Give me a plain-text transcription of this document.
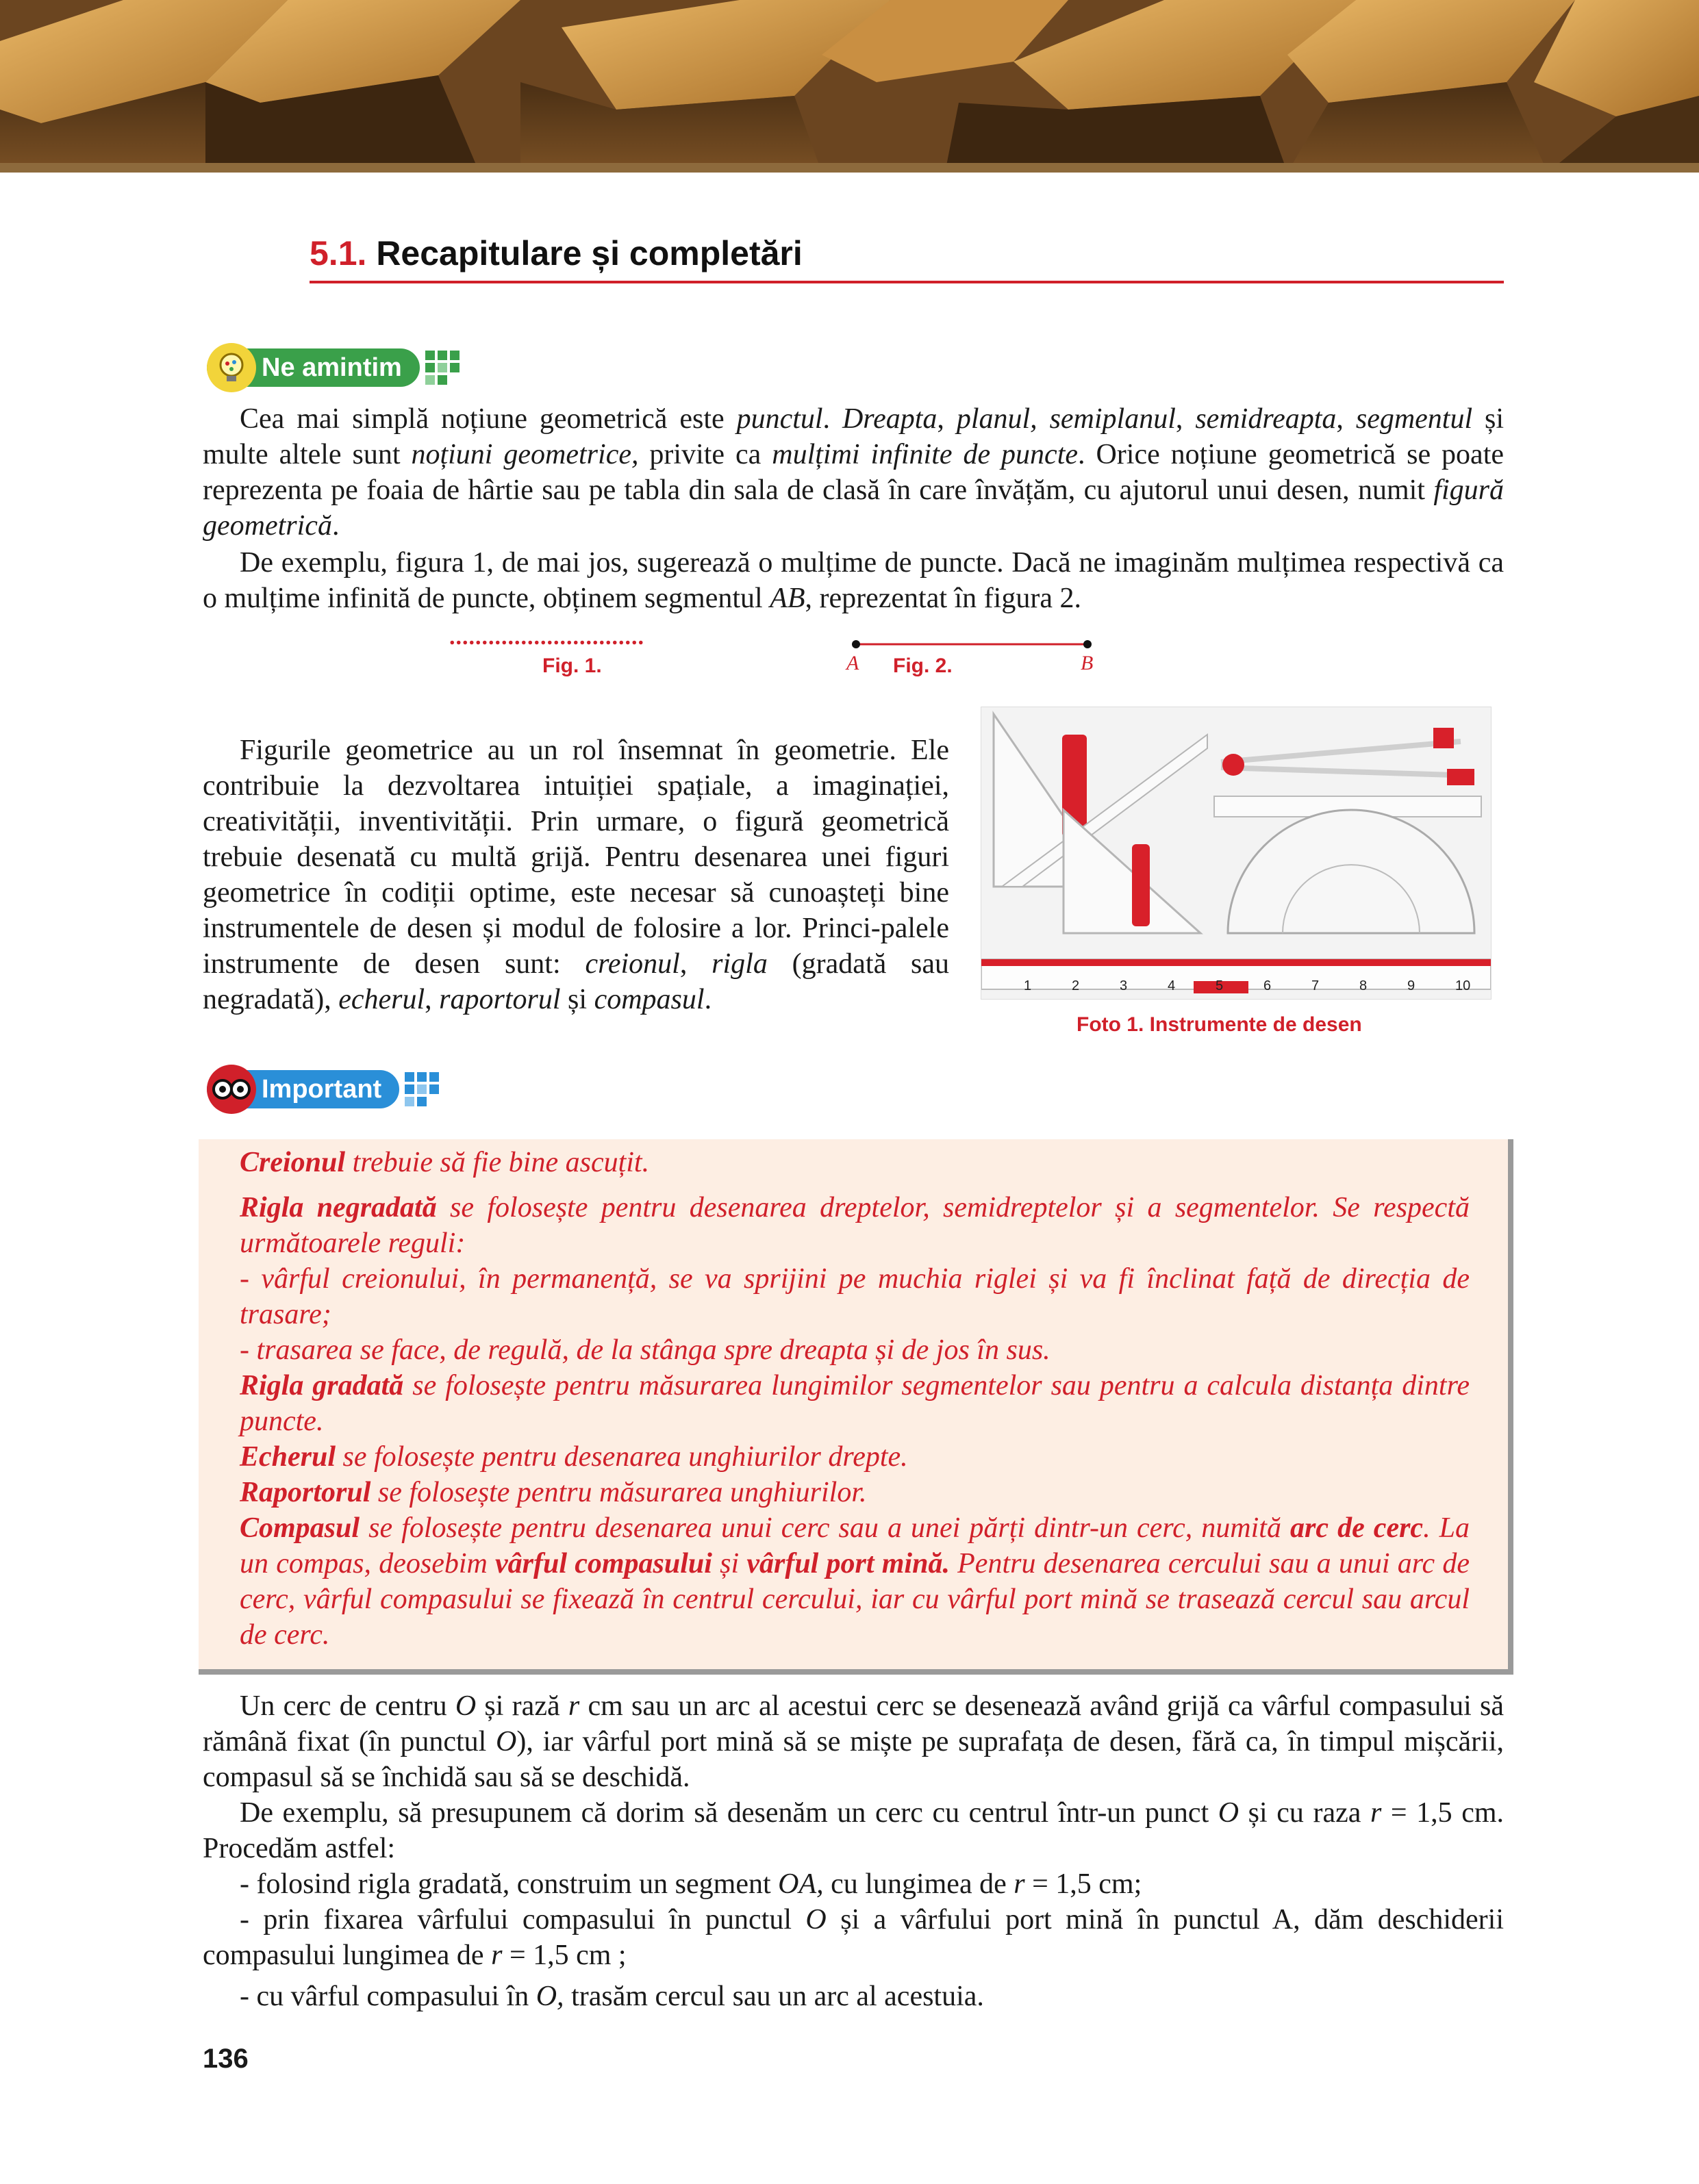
5.1. Recapitulare și completări
Ne amintim
Cea mai simplă noțiune geometrică este punctul. Dreapta, planul, semiplanul, semidreapta, segmentul și multe altele sunt noțiuni geometrice, privite ca mulțimi infinite de puncte. Orice noțiune geometrică se poate reprezenta pe foaia de hârtie sau pe tabla din sala de clasă în care învățăm, cu ajutorul unui desen, numit figură geometrică.
De exemplu, figura 1, de mai jos, sugerează o mulțime de puncte. Dacă ne imaginăm mulțimea respectivă ca o mulțime infinită de puncte, obținem segmentul AB, reprezentat în figura 2.
..............................
Fig. 1.	A	B
Fig. 2.
Figurile geometrice au un rol însemnat în geometrie. Ele contribuie la dezvoltarea intuiției spațiale, a imaginației, creativității, inventivității. Prin urmare, o figură geometrică trebuie desenată cu multă grijă. Pentru desenarea unei figuri geometrice în codiții optime, este necesar să cunoașteți bine instrumentele de desen și modul de folosire a lor. Princi-palele instrumente de desen sunt: creionul, rigla (gradată sau negradată), echerul, raportorul și compasul.	1	2	3	4	5	6	7	8	9	10
Foto 1. Instrumente de desen
Important
Creionul trebuie să fie bine ascuțit.
Rigla negradată se folosește pentru desenarea dreptelor, semidreptelor și a segmentelor. Se respectă următoarele reguli:
- vârful creionului, în permanență, se va sprijini pe muchia riglei și va fi înclinat față de direcția de trasare;
- trasarea se face, de regulă, de la stânga spre dreapta și de jos în sus.
Rigla gradată se folosește pentru măsurarea lungimilor segmentelor sau pentru a calcula distanța dintre puncte.
Echerul se folosește pentru desenarea unghiurilor drepte.
Raportorul se folosește pentru măsurarea unghiurilor.
Compasul se folosește pentru desenarea unui cerc sau a unei părți dintr-un cerc, numită arc de cerc. La un compas, deosebim vârful compasului și vârful port mină. Pentru desenarea cercului sau a unui arc de cerc, vârful compasului se fixează în centrul cercului, iar cu vârful port mină se trasează cercul sau arcul de cerc.
Un cerc de centru O și rază r cm sau un arc al acestui cerc se desenează având grijă ca vârful compasului să rămână fixat (în punctul O), iar vârful port mină să se miște pe suprafața de desen, fără ca, în timpul mișcării, compasul să se închidă sau să se deschidă.
De exemplu, să presupunem că dorim să desenăm un cerc cu centrul într-un punct O și cu raza r = 1,5 cm. Procedăm astfel:
- folosind rigla gradată, construim un segment OA, cu lungimea de r = 1,5 cm;
- prin fixarea vârfului compasului în punctul O și a vârfului port mină în punctul A, dăm deschiderii compasului lungimea de r = 1,5 cm ;
- cu vârful compasului în O, trasăm cercul sau un arc al acestuia.
136
